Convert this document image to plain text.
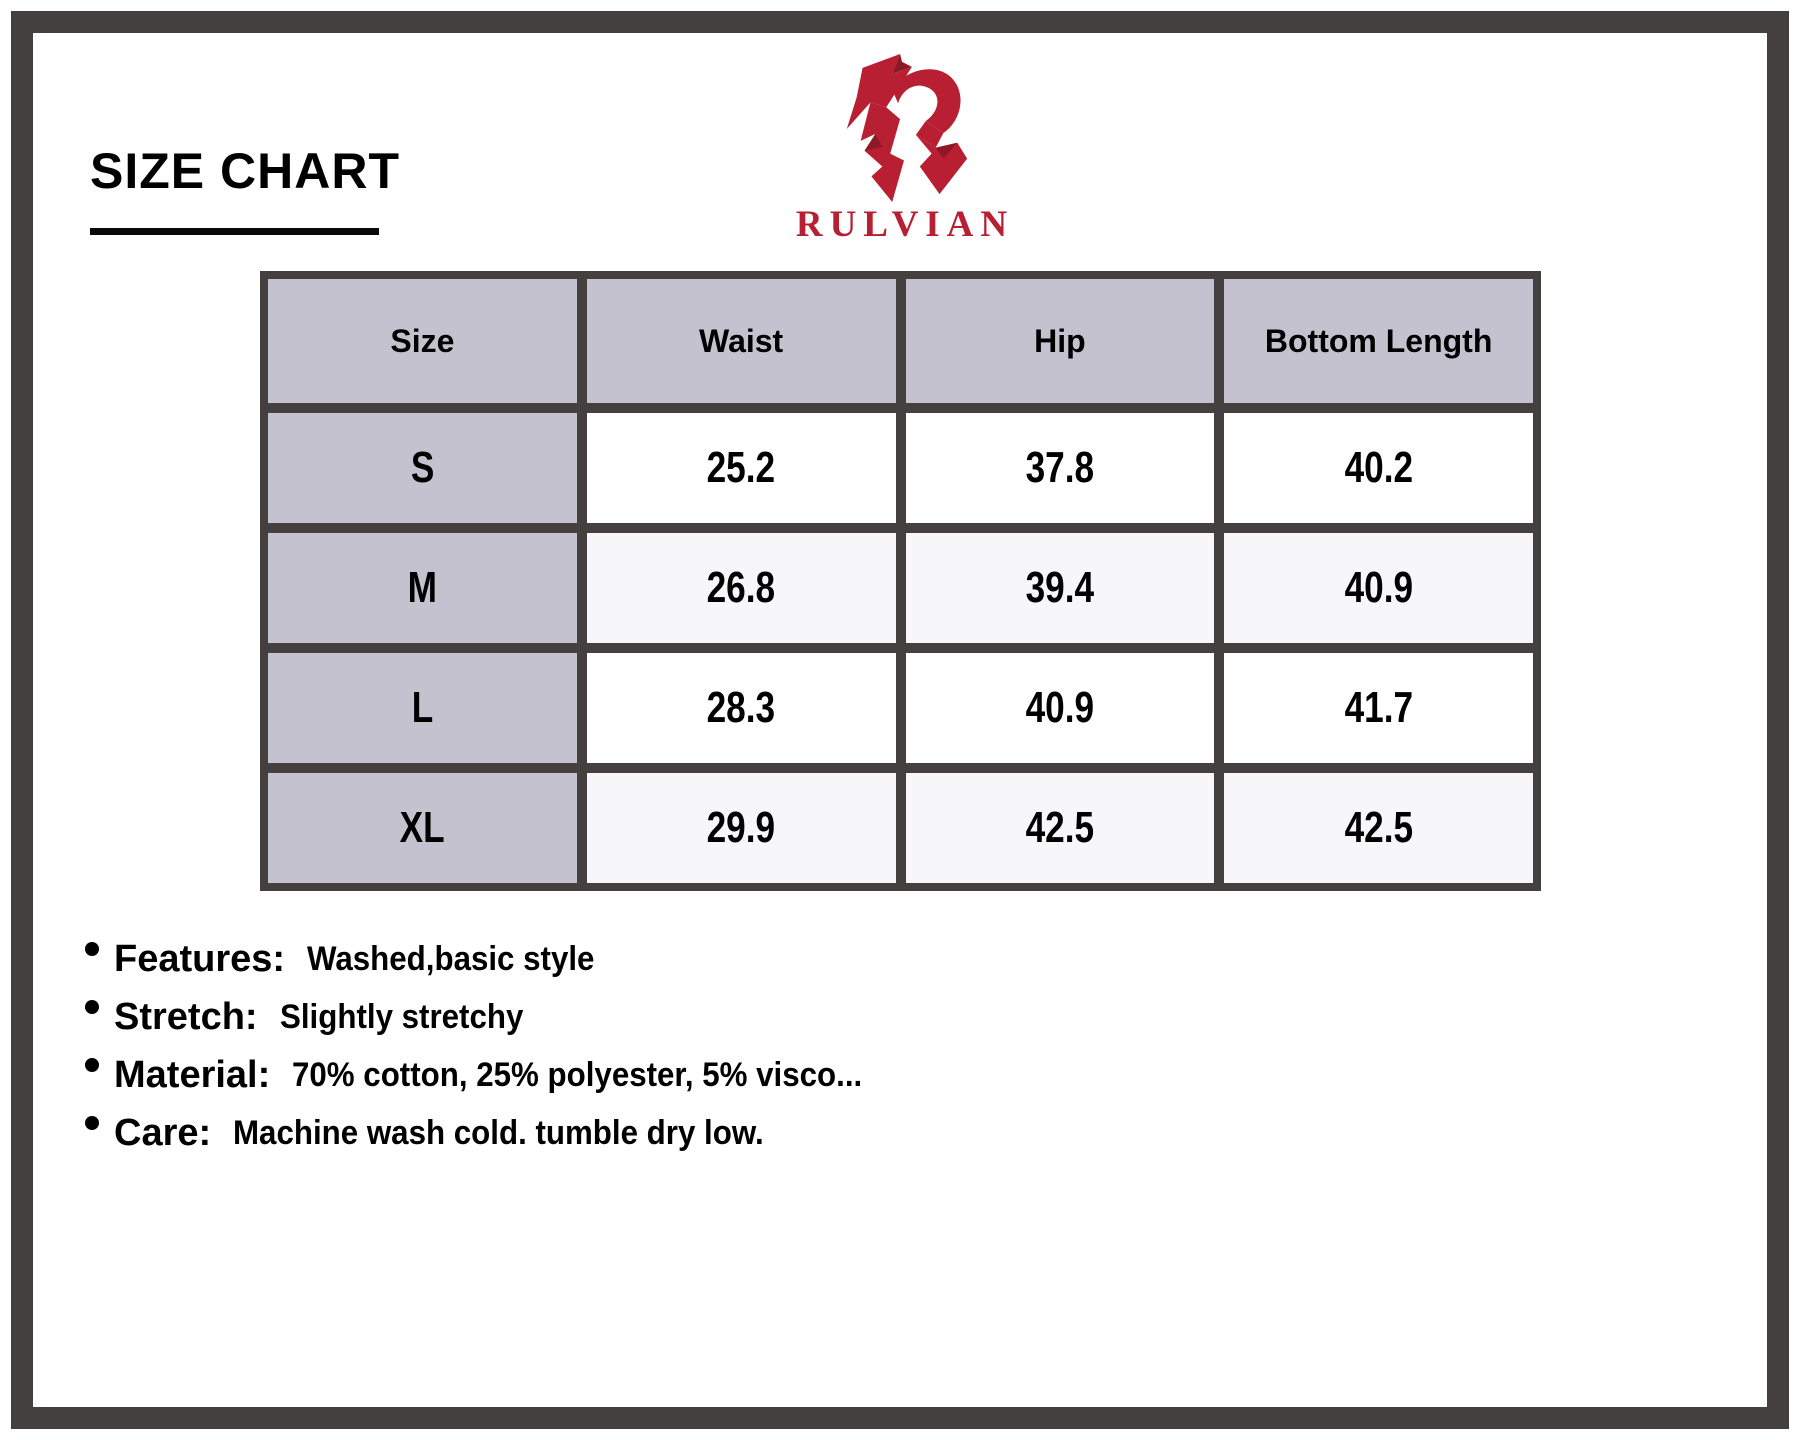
SIZE CHART
RULVIAN
Size	Waist	Hip	Bottom Length
S	25.2	37.8	40.2
M	26.8	39.4	40.9
L	28.3	40.9	41.7
XL	29.9	42.5	42.5
Features: Washed,basic style
Stretch: Slightly stretchy
Material: 70% cotton, 25% polyester, 5% visco...
Care: Machine wash cold. tumble dry low.
